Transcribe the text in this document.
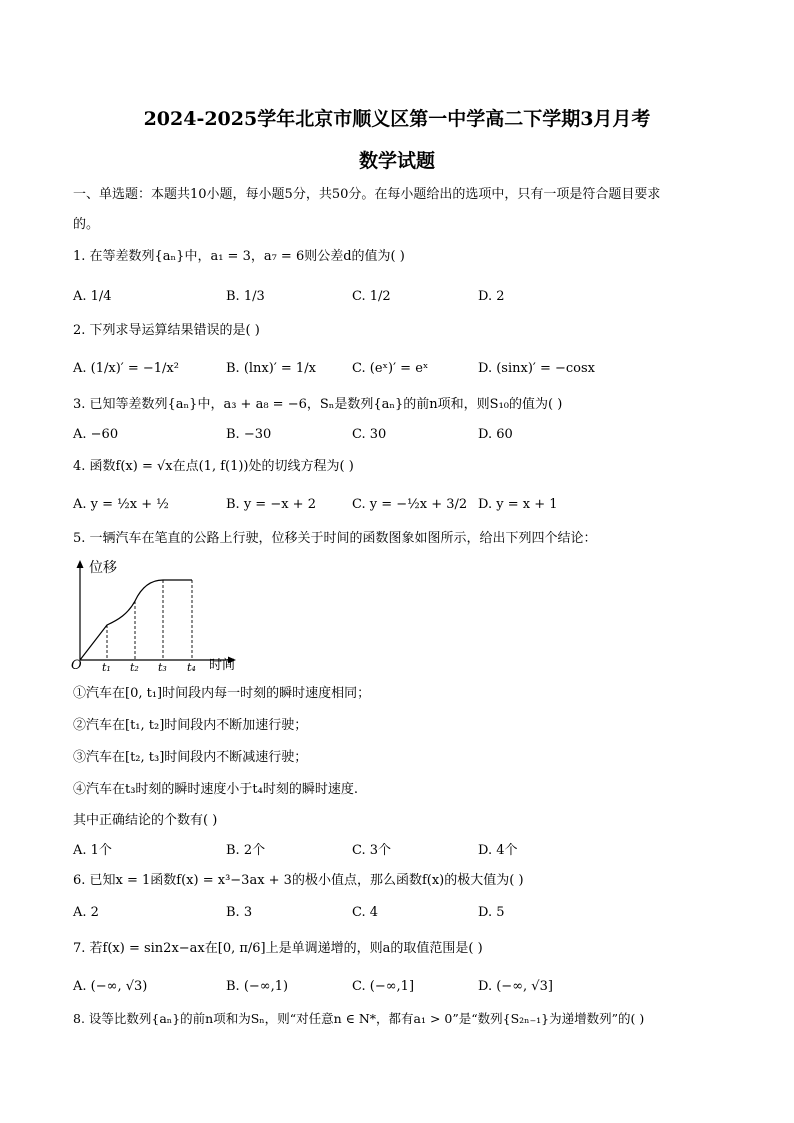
2024-2025学年北京市顺义区第一中学高二下学期3月月考
数学试题
一、单选题：本题共10小题，每小题5分，共50分。在每小题给出的选项中，只有一项是符合题目要求
的。
1. 在等差数列{aₙ}中，a₁ = 3，a₇ = 6则公差d的值为( )
A. 1/4	B. 1/3	C. 1/2	D. 2
2. 下列求导运算结果错误的是( )
A. (1/x)′ = −1/x²	B. (lnx)′ = 1/x	C. (eˣ)′ = eˣ	D. (sinx)′ = −cosx
3. 已知等差数列{aₙ}中，a₃ + a₈ = −6，Sₙ是数列{aₙ}的前n项和，则S₁₀的值为( )
A. −60	B. −30	C. 30	D. 60
4. 函数f(x) = √x在点(1, f(1))处的切线方程为( )
A. y = ½x + ½	B. y = −x + 2	C. y = −½x + 3/2 D. y = x + 1
5. 一辆汽车在笔直的公路上行驶，位移关于时间的函数图象如图所示，给出下列四个结论：
位移
时间
O t₁ t₂ t₃ t₄
①汽车在[0, t₁]时间段内每一时刻的瞬时速度相同；
②汽车在[t₁, t₂]时间段内不断加速行驶；
③汽车在[t₂, t₃]时间段内不断减速行驶；
④汽车在t₃时刻的瞬时速度小于t₄时刻的瞬时速度.
其中正确结论的个数有( )
A. 1个	B. 2个	C. 3个	D. 4个
6. 已知x = 1函数f(x) = x³−3ax + 3的极小值点，那么函数f(x)的极大值为( )
A. 2	B. 3	C. 4	D. 5
7. 若f(x) = sin2x−ax在[0, π/6]上是单调递增的，则a的取值范围是( )
A. (−∞, √3)	B. (−∞,1)	C. (−∞,1]	D. (−∞, √3]
8. 设等比数列{aₙ}的前n项和为Sₙ，则“对任意n ∈ N*，都有a₁ > 0”是“数列{S₂ₙ₋₁}为递增数列”的( )
